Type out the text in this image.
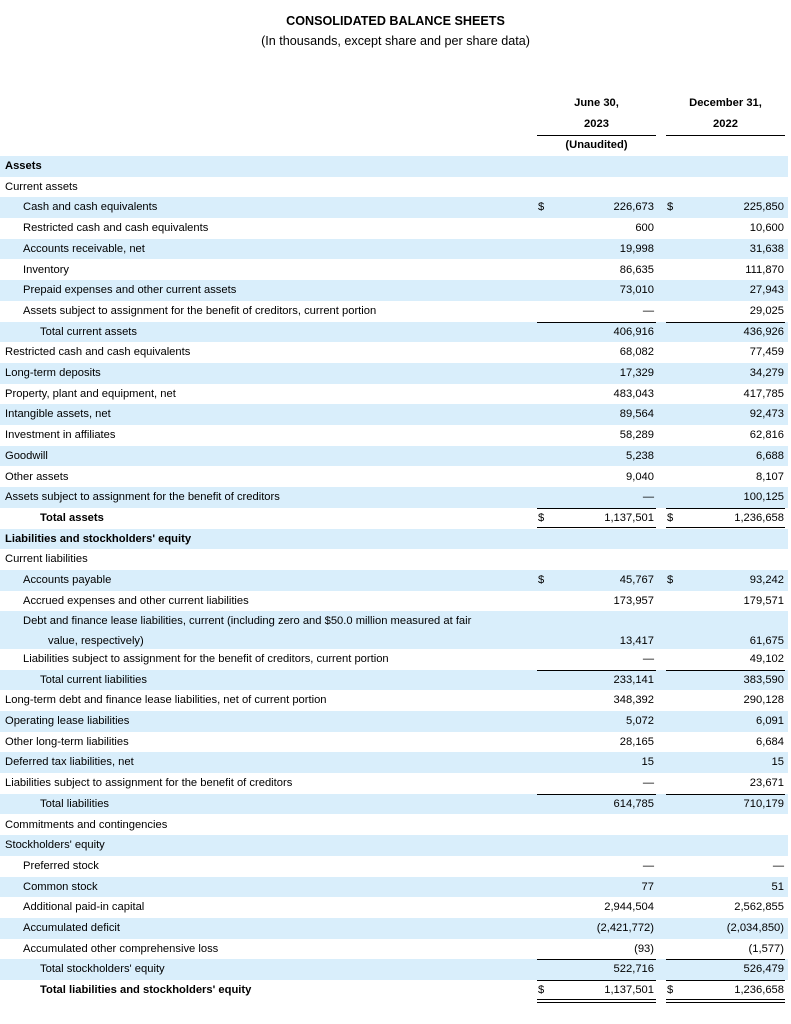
CONSOLIDATED BALANCE SHEETS
(In thousands, except share and per share data)
June 30,
2023
(Unaudited)
December 31,
2022
Assets
Current assets
Cash and cash equivalents	$	226,673 $	225,850
Restricted cash and cash equivalents	600	10,600
Accounts receivable, net	19,998	31,638
Inventory	86,635	111,870
Prepaid expenses and other current assets	73,010	27,943
Assets subject to assignment for the benefit of creditors, current portion	—	29,025
Total current assets	406,916	436,926
Restricted cash and cash equivalents	68,082	77,459
Long-term deposits	17,329	34,279
Property, plant and equipment, net	483,043	417,785
Intangible assets, net	89,564	92,473
Investment in affiliates	58,289	62,816
Goodwill	5,238	6,688
Other assets	9,040	8,107
Assets subject to assignment for the benefit of creditors	—	100,125
Total assets	$	1,137,501 $	1,236,658
Liabilities and stockholders' equity
Current liabilities
Accounts payable	$	45,767 $	93,242
Accrued expenses and other current liabilities	173,957	179,571
Debt and finance lease liabilities, current (including zero and $50.0 million measured at fair
value, respectively)	13,417	61,675
Liabilities subject to assignment for the benefit of creditors, current portion	—	49,102
Total current liabilities	233,141	383,590
Long-term debt and finance lease liabilities, net of current portion	348,392	290,128
Operating lease liabilities	5,072	6,091
Other long-term liabilities	28,165	6,684
Deferred tax liabilities, net	15	15
Liabilities subject to assignment for the benefit of creditors	—	23,671
Total liabilities	614,785	710,179
Commitments and contingencies
Stockholders' equity
Preferred stock	—	—
Common stock	77	51
Additional paid-in capital	2,944,504	2,562,855
Accumulated deficit	(2,421,772)	(2,034,850)
Accumulated other comprehensive loss	(93)	(1,577)
Total stockholders' equity	522,716	526,479
Total liabilities and stockholders' equity	$	1,137,501 $	1,236,658
